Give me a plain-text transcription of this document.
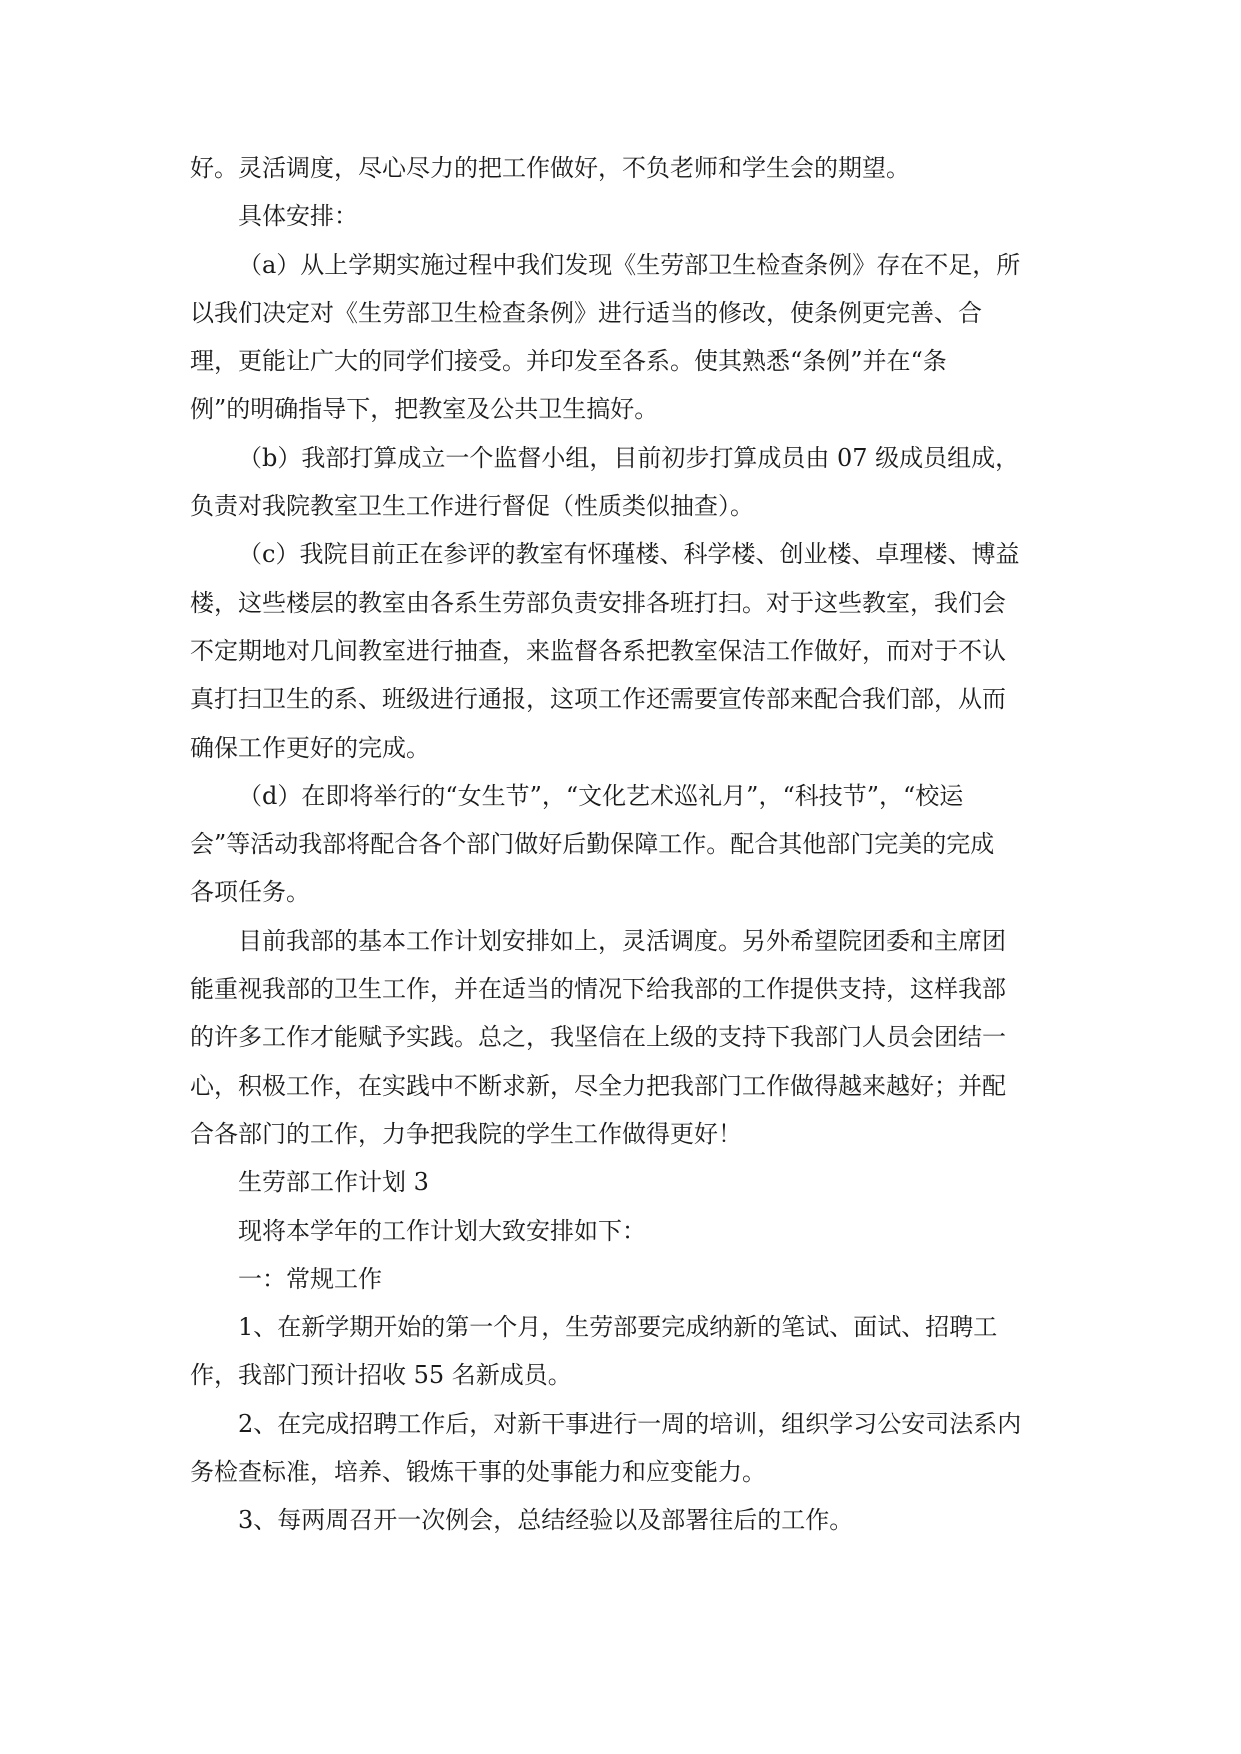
好。灵活调度，尽心尽力的把工作做好，不负老师和学生会的期望。
具体安排：
（a）从上学期实施过程中我们发现《生劳部卫生检查条例》存在不足，所
以我们决定对《生劳部卫生检查条例》进行适当的修改，使条例更完善、合
理，更能让广大的同学们接受。并印发至各系。使其熟悉“条例”并在“条
例”的明确指导下，把教室及公共卫生搞好。
（b）我部打算成立一个监督小组，目前初步打算成员由 07 级成员组成，
负责对我院教室卫生工作进行督促（性质类似抽查）。
（c）我院目前正在参评的教室有怀瑾楼、科学楼、创业楼、卓理楼、博益
楼，这些楼层的教室由各系生劳部负责安排各班打扫。对于这些教室，我们会
不定期地对几间教室进行抽查，来监督各系把教室保洁工作做好，而对于不认
真打扫卫生的系、班级进行通报，这项工作还需要宣传部来配合我们部，从而
确保工作更好的完成。
（d）在即将举行的“女生节”，“文化艺术巡礼月”，“科技节”，“校运
会”等活动我部将配合各个部门做好后勤保障工作。配合其他部门完美的完成
各项任务。
目前我部的基本工作计划安排如上，灵活调度。另外希望院团委和主席团
能重视我部的卫生工作，并在适当的情况下给我部的工作提供支持，这样我部
的许多工作才能赋予实践。总之，我坚信在上级的支持下我部门人员会团结一
心，积极工作，在实践中不断求新，尽全力把我部门工作做得越来越好；并配
合各部门的工作，力争把我院的学生工作做得更好！
生劳部工作计划 3
现将本学年的工作计划大致安排如下：
一：常规工作
1、在新学期开始的第一个月，生劳部要完成纳新的笔试、面试、招聘工
作，我部门预计招收 55 名新成员。
2、在完成招聘工作后，对新干事进行一周的培训，组织学习公安司法系内
务检查标准，培养、锻炼干事的处事能力和应变能力。
3、每两周召开一次例会，总结经验以及部署往后的工作。
